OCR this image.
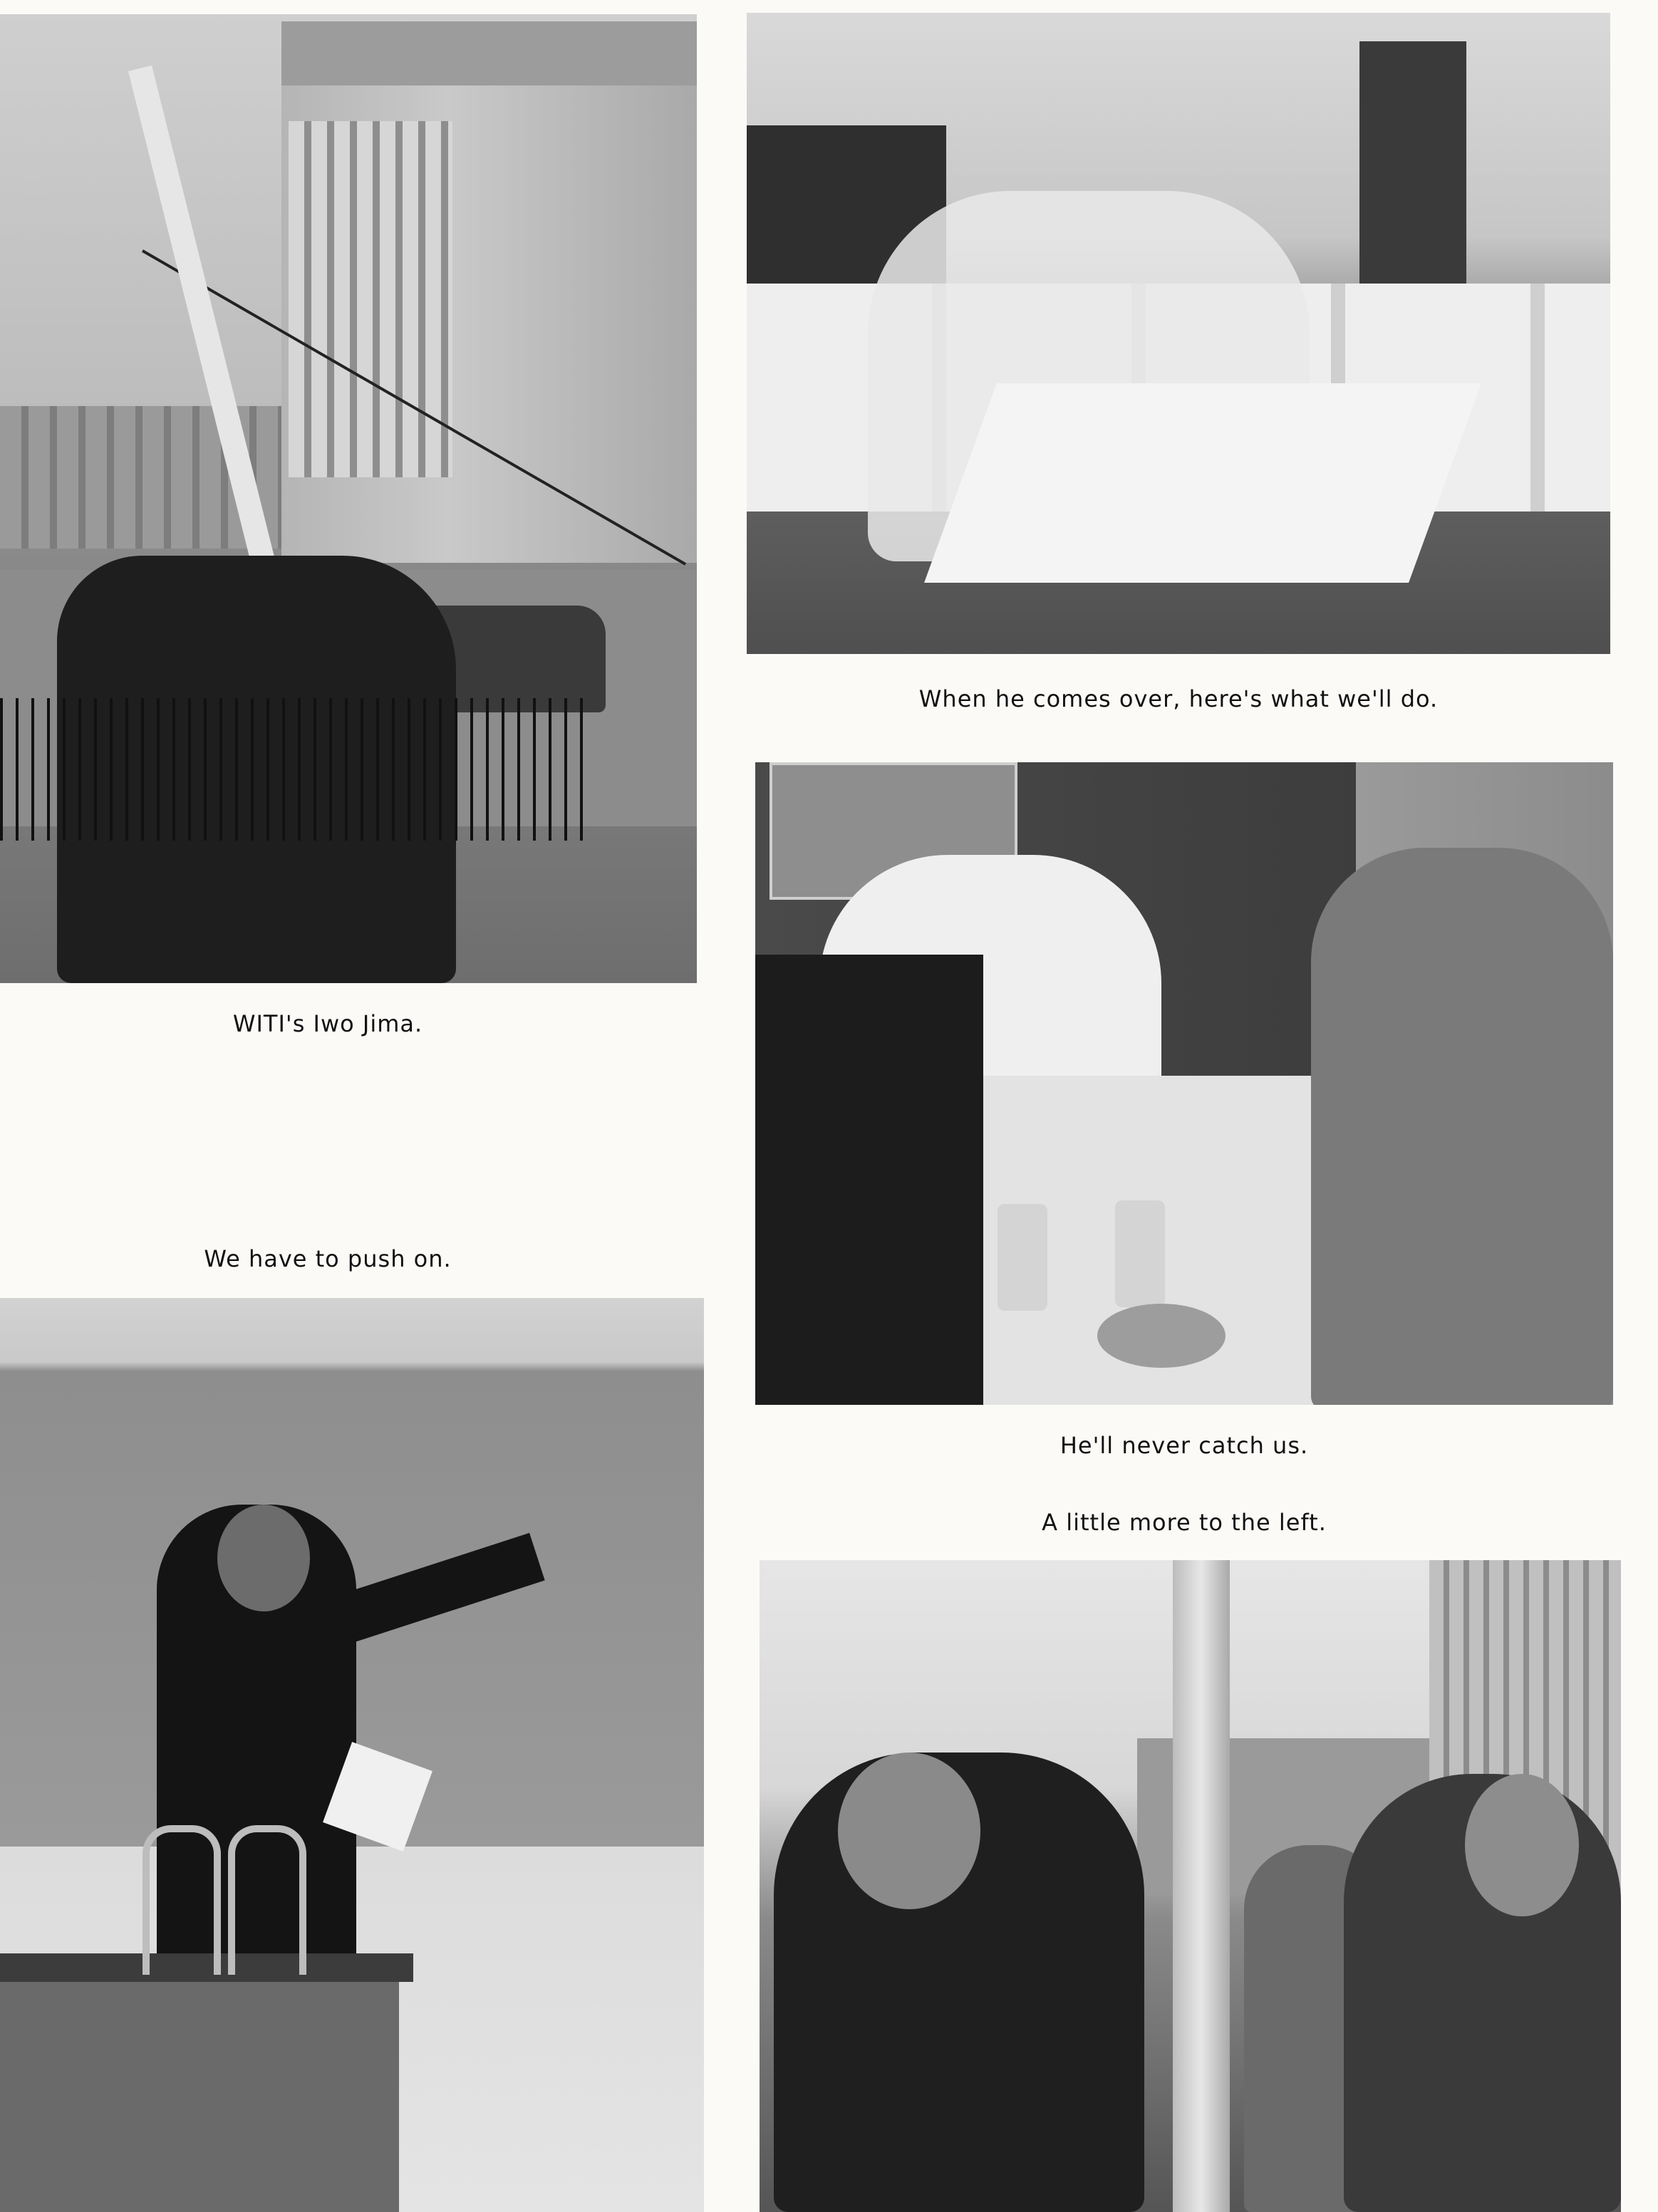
WITI's Iwo Jima.
We have to push on.
When he comes over, here's what we'll do.
He'll never catch us.
A little more to the left.
